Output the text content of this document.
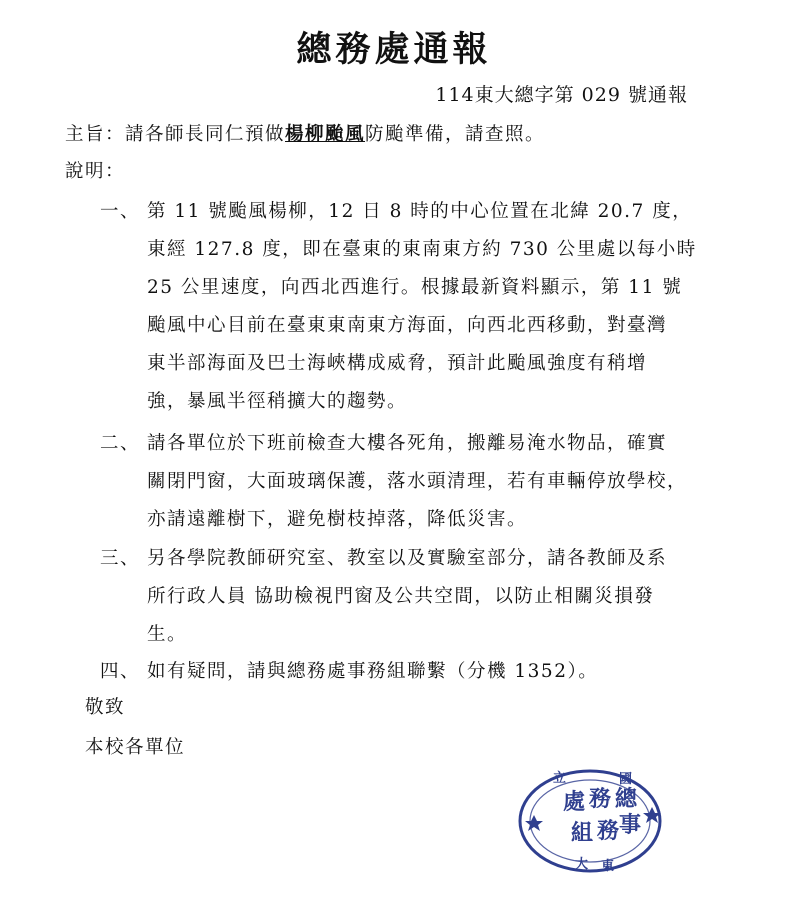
總務處通報
114東大總字第 029 號通報
主旨：請各師長同仁預做楊柳颱風防颱準備，請查照。
說明：
一、 第 11 號颱風楊柳，12 日 8 時的中心位置在北緯 20.7 度，
東經 127.8 度，即在臺東的東南東方約 730 公里處以每小時
25 公里速度，向西北西進行。根據最新資料顯示，第 11 號
颱風中心目前在臺東東南東方海面，向西北西移動，對臺灣
東半部海面及巴士海峽構成威脅，預計此颱風強度有稍增
強，暴風半徑稍擴大的趨勢。
二、 請各單位於下班前檢查大樓各死角，搬離易淹水物品，確實
關閉門窗，大面玻璃保護，落水頭清理，若有車輛停放學校，
亦請遠離樹下，避免樹枝掉落，降低災害。
三、 另各學院教師研究室、教室以及實驗室部分，請各教師及系
所行政人員 協助檢視門窗及公共空間，以防止相關災損發
生。
四、 如有疑問，請與總務處事務組聯繫（分機 1352）。
敬致
本校各單位
處 務 總
組 務 事
立	國
大 東
